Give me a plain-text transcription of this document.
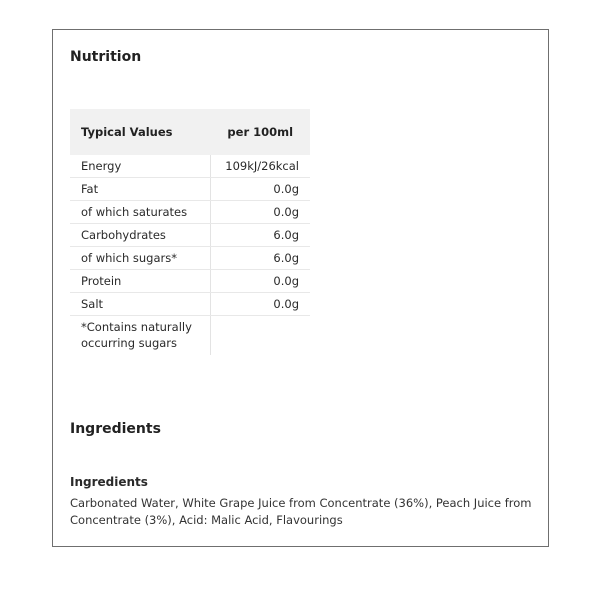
Nutrition
Typical Values	per 100ml
Energy	109kJ/26kcal
Fat	0.0g
of which saturates	0.0g
Carbohydrates	6.0g
of which sugars*	6.0g
Protein	0.0g
Salt	0.0g
*Contains naturally occurring sugars	
Ingredients
Ingredients

Carbonated Water, White Grape Juice from Concentrate (36%), Peach Juice from Concentrate (3%), Acid: Malic Acid, Flavourings
